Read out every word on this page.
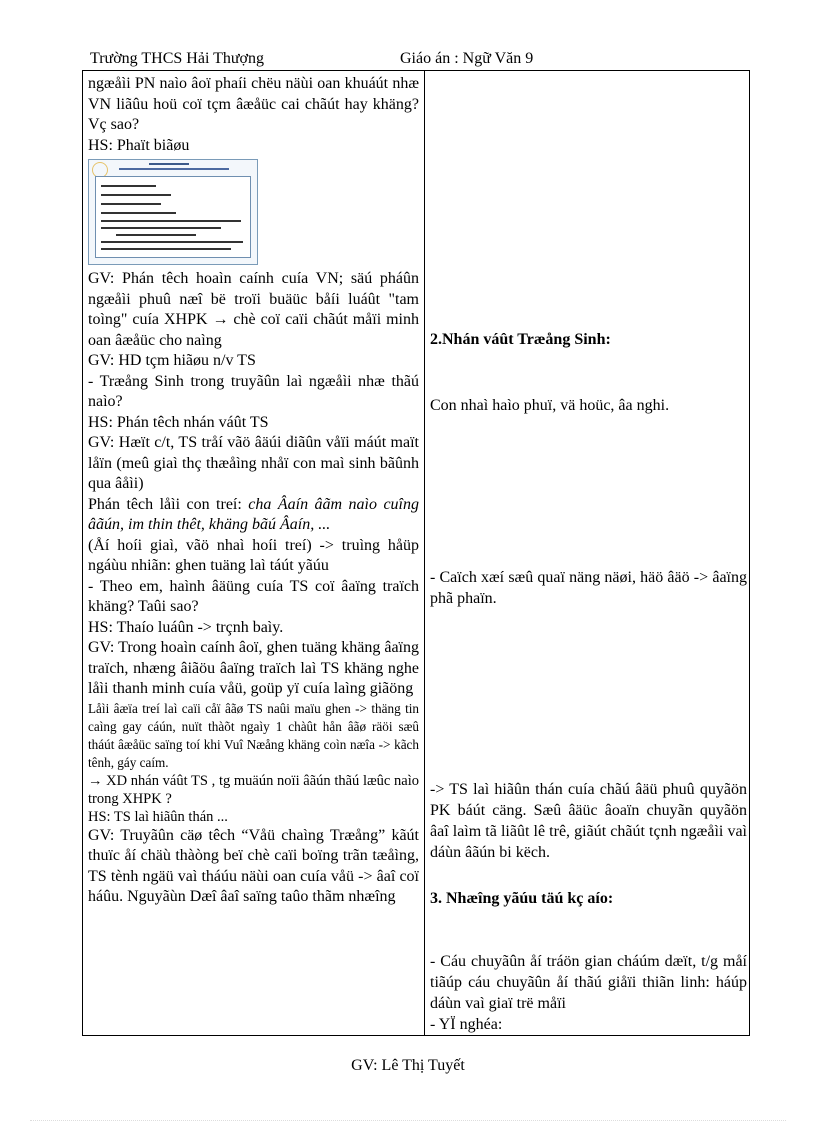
Trường THCS Hải Thượng	Giáo án : Ngữ Văn 9

ngæåìi PN naìo âoï phaíi chëu näùi oan khuáút nhæ VN liãûu hoü coï tçm âæåüc cai chãút hay khäng? Vç sao?

HS: Phaït biãøu

GV: Phán têch hoaìn caính cuía VN; säú pháûn ngæåìi phuû næî bë troïi buäüc båíi luáût "tam toìng" cuía XHPK → chè coï caïi chãút måïi minh oan âæåüc cho naìng

GV: HD tçm hiãøu n/v TS

- Træång Sinh trong truyãûn laì ngæåìi nhæ thãú naìo?

HS: Phán têch nhán váût TS

GV: Hæït c/t, TS tråí vãö âäúi diãûn våïi máút maït låïn (meû giaì thç thæåìng nhåï con maì sinh bãûnh qua âåìi)

Phán têch låìi con treí: cha Âaín âãm naìo cuîng âãún, im thin thêt, khäng bãú Âaín, ...

(Åí hoíi giaì, vãö nhaì hoíi treí) -> truìng håüp ngáùu nhiãn: ghen tuäng laì táút yãúu

- Theo em, haình âäüng cuía TS coï âaïng traïch khäng? Taûi sao?

HS: Thaío luáûn -> trçnh baìy.

GV: Trong hoaìn caính âoï, ghen tuäng khäng âaïng traïch, nhæng âiãöu âaïng traïch laì TS khäng nghe låìi thanh minh cuía våü, goüp yï cuía laìng giãöng

Låìi âæïa treí laì caïi cåï âãø TS naûi maïu ghen -> thäng tin caìng gay cáún, nuït thàõt ngaìy 1 chàût hån âãø räöi sæû tháút âæåüc saïng toí khi Vuî Næång khäng coìn næîa -> kãch tênh, gáy caím.

→ XD nhán váût TS , tg muäún noïi âãún thãú læûc naìo trong XHPK ?

HS: TS laì hiãûn thán ...

GV: Truyãûn cäø têch “Våü chaìng Træång” kãút thuïc åí chäù thàòng beï chè caïi boïng trãn tæåìng, TS tènh ngäü vaì tháúu näùi oan cuía våü -> âaî coï háûu. Nguyãùn Dæî âaî saïng taûo thãm nhæîng

2.Nhán váût Træång Sinh:

Con nhaì haìo phuï, vä hoüc, âa nghi.

- Caïch xæí sæû quaï näng näøi, häö âäö -> âaïng phã phaïn.

-> TS laì hiãûn thán cuía chãú âäü phuû quyãön PK báút cäng. Sæû âäüc âoaïn chuyãn quyãön âaî laìm tã liãût lê trê, giãút chãút tçnh ngæåìi vaì dáùn âãún bi këch.

3. Nhæîng yãúu täú kç aío:

- Cáu chuyãûn åí tráön gian cháúm dæït, t/g måí tiãúp cáu chuyãûn åí thãú giåïi thiãn linh: háúp dáùn vaì giaï trë måïi

- YÏ nghéa:

GV: Lê Thị Tuyết
